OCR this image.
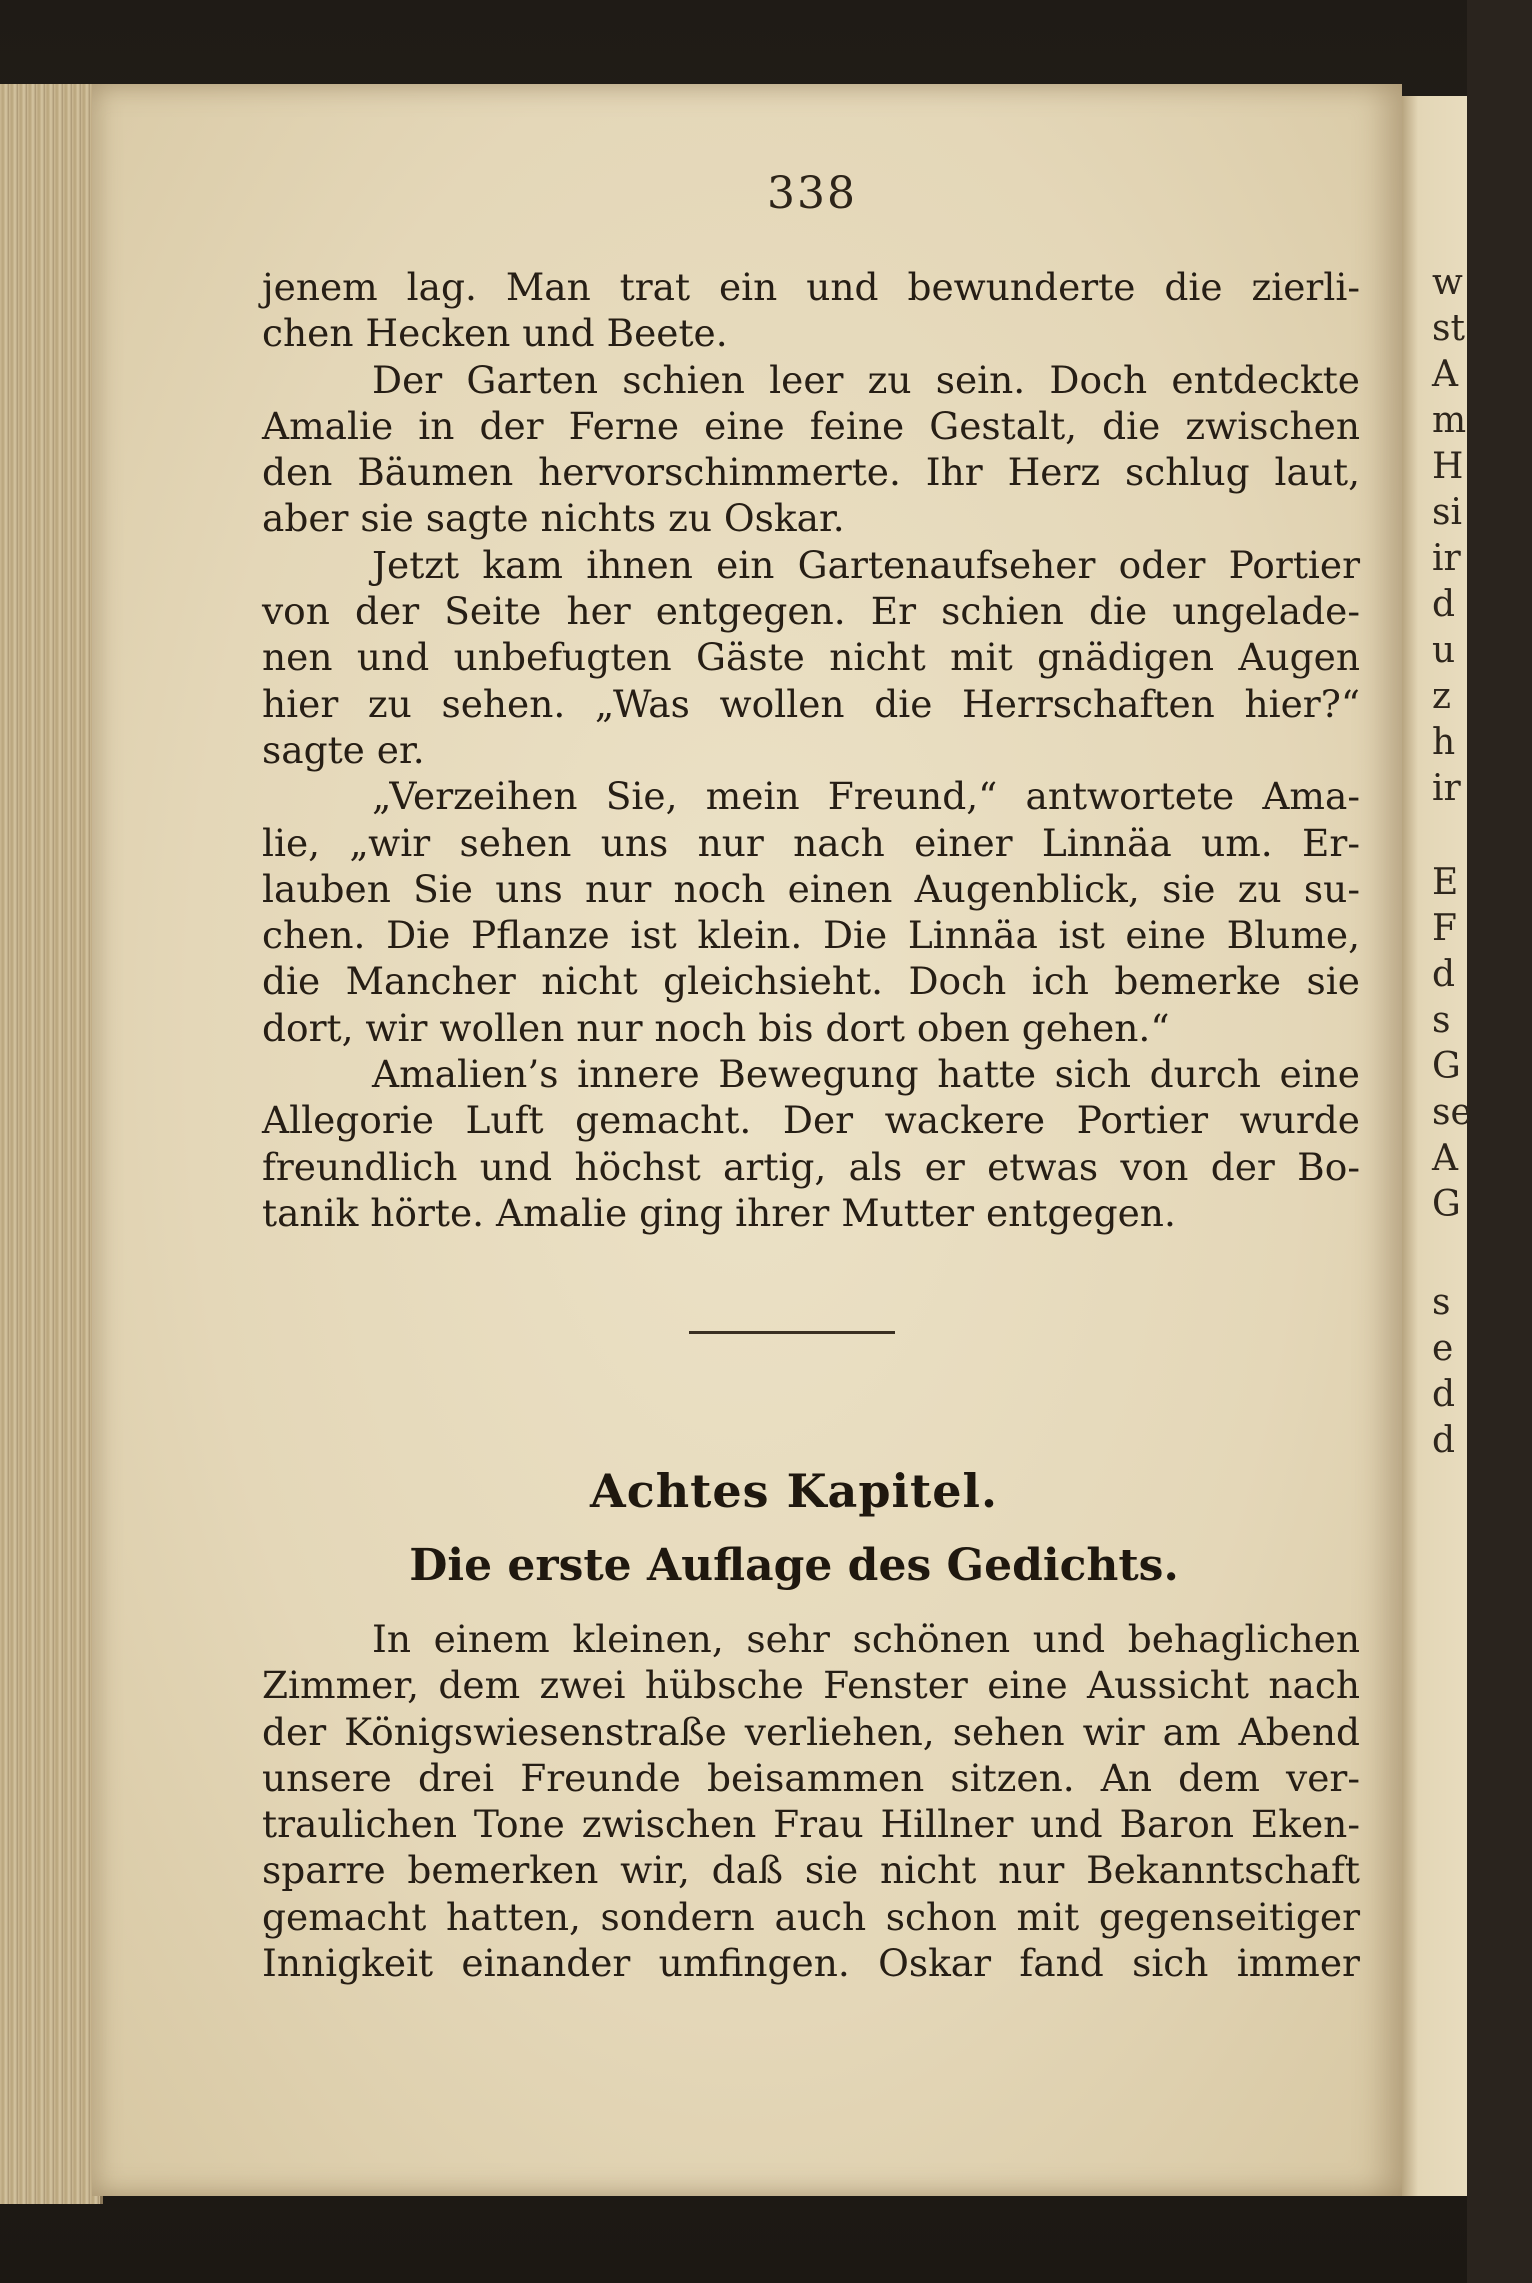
w
st
A
m
H
si
ir
d
u
z
h
ir
E
F
d
s
G
se
A
G
s
e
d
d
338
jenem lag. Man trat ein und bewunderte die zierli-
chen Hecken und Beete.
Der Garten schien leer zu sein. Doch entdeckte
Amalie in der Ferne eine feine Gestalt, die zwischen
den Bäumen hervorschimmerte. Ihr Herz schlug laut,
aber sie sagte nichts zu Oskar.
Jetzt kam ihnen ein Gartenaufseher oder Portier
von der Seite her entgegen. Er schien die ungelade-
nen und unbefugten Gäste nicht mit gnädigen Augen
hier zu sehen. „Was wollen die Herrschaften hier?“
sagte er.
„Verzeihen Sie, mein Freund,“ antwortete Ama-
lie, „wir sehen uns nur nach einer Linnäa um. Er-
lauben Sie uns nur noch einen Augenblick, sie zu su-
chen. Die Pflanze ist klein. Die Linnäa ist eine Blume,
die Mancher nicht gleichsieht. Doch ich bemerke sie
dort, wir wollen nur noch bis dort oben gehen.“
Amalien’s innere Bewegung hatte sich durch eine
Allegorie Luft gemacht. Der wackere Portier wurde
freundlich und höchst artig, als er etwas von der Bo-
tanik hörte. Amalie ging ihrer Mutter entgegen.
Achtes Kapitel.
Die erste Auflage des Gedichts.
In einem kleinen, sehr schönen und behaglichen
Zimmer, dem zwei hübsche Fenster eine Aussicht nach
der Königswiesenstraße verliehen, sehen wir am Abend
unsere drei Freunde beisammen sitzen. An dem ver-
traulichen Tone zwischen Frau Hillner und Baron Eken-
sparre bemerken wir, daß sie nicht nur Bekanntschaft
gemacht hatten, sondern auch schon mit gegenseitiger
Innigkeit einander umfingen. Oskar fand sich immer
